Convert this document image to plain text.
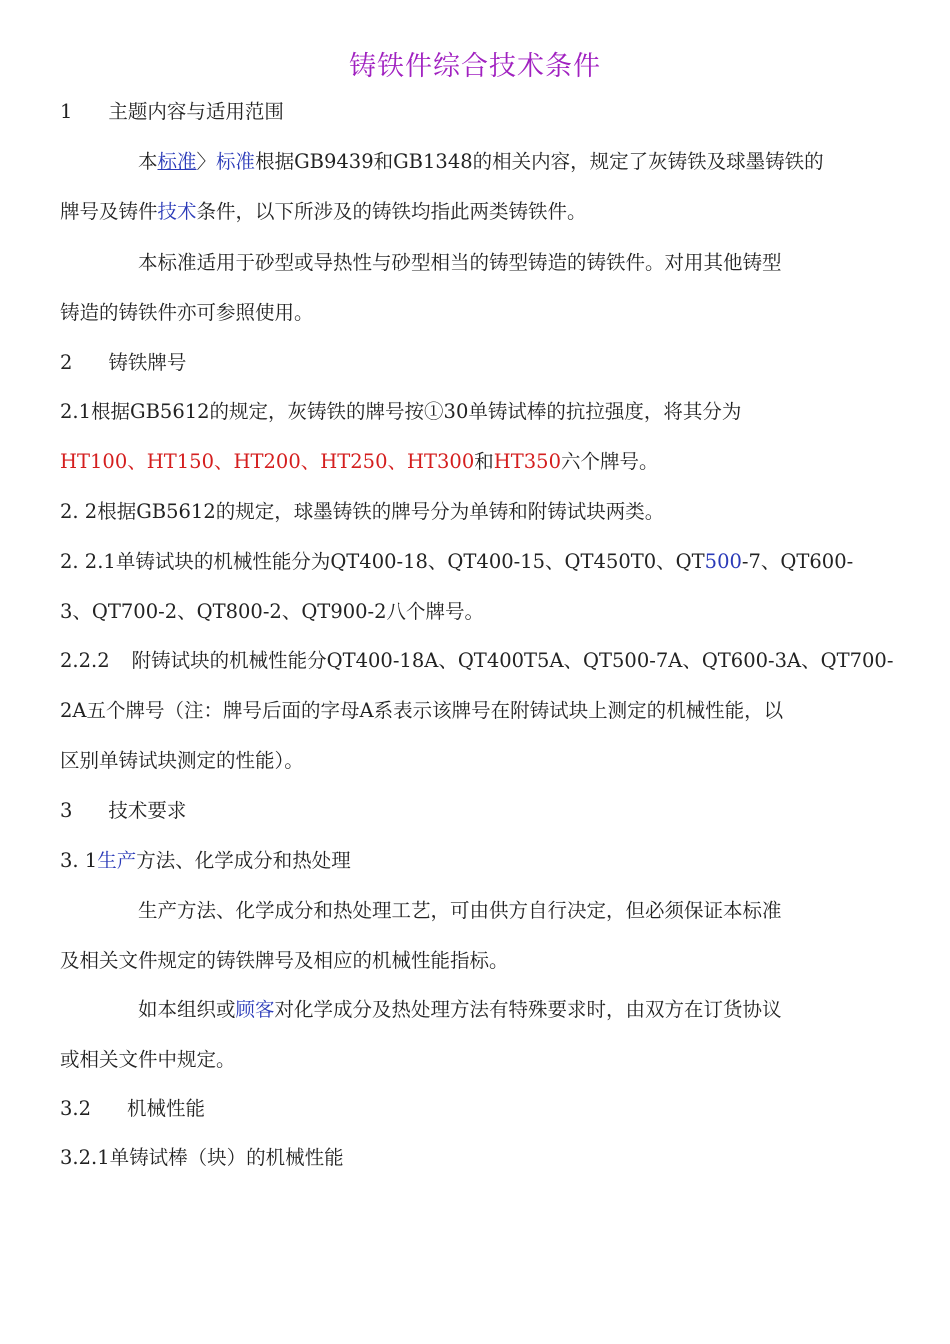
铸铁件综合技术条件

1 主题内容与适用范围

本标准〉标准根据GB9439和GB1348的相关内容，规定了灰铸铁及球墨铸铁的

牌号及铸件技术条件，以下所涉及的铸铁均指此两类铸铁件。

本标准适用于砂型或导热性与砂型相当的铸型铸造的铸铁件。对用其他铸型

铸造的铸铁件亦可参照使用。

2 铸铁牌号

2.1根据GB5612的规定，灰铸铁的牌号按①30单铸试棒的抗拉强度，将其分为

HT100、HT150、HT200、HT250、HT300和HT350六个牌号。

2. 2根据GB5612的规定，球墨铸铁的牌号分为单铸和附铸试块两类。

2. 2.1单铸试块的机械性能分为QT400-18、QT400-15、QT450T0、QT500-7、QT600-

3、QT700-2、QT800-2、QT900-2八个牌号。

2.2.2 附铸试块的机械性能分QT400-18A、QT400T5A、QT500-7A、QT600-3A、QT700-

2A五个牌号（注：牌号后面的字母A系表示该牌号在附铸试块上测定的机械性能，以

区别单铸试块测定的性能）。

3 技术要求

3. 1生产方法、化学成分和热处理

生产方法、化学成分和热处理工艺，可由供方自行决定，但必须保证本标准

及相关文件规定的铸铁牌号及相应的机械性能指标。

如本组织或顾客对化学成分及热处理方法有特殊要求时，由双方在订货协议

或相关文件中规定。

3.2 机械性能

3.2.1单铸试棒（块）的机械性能
